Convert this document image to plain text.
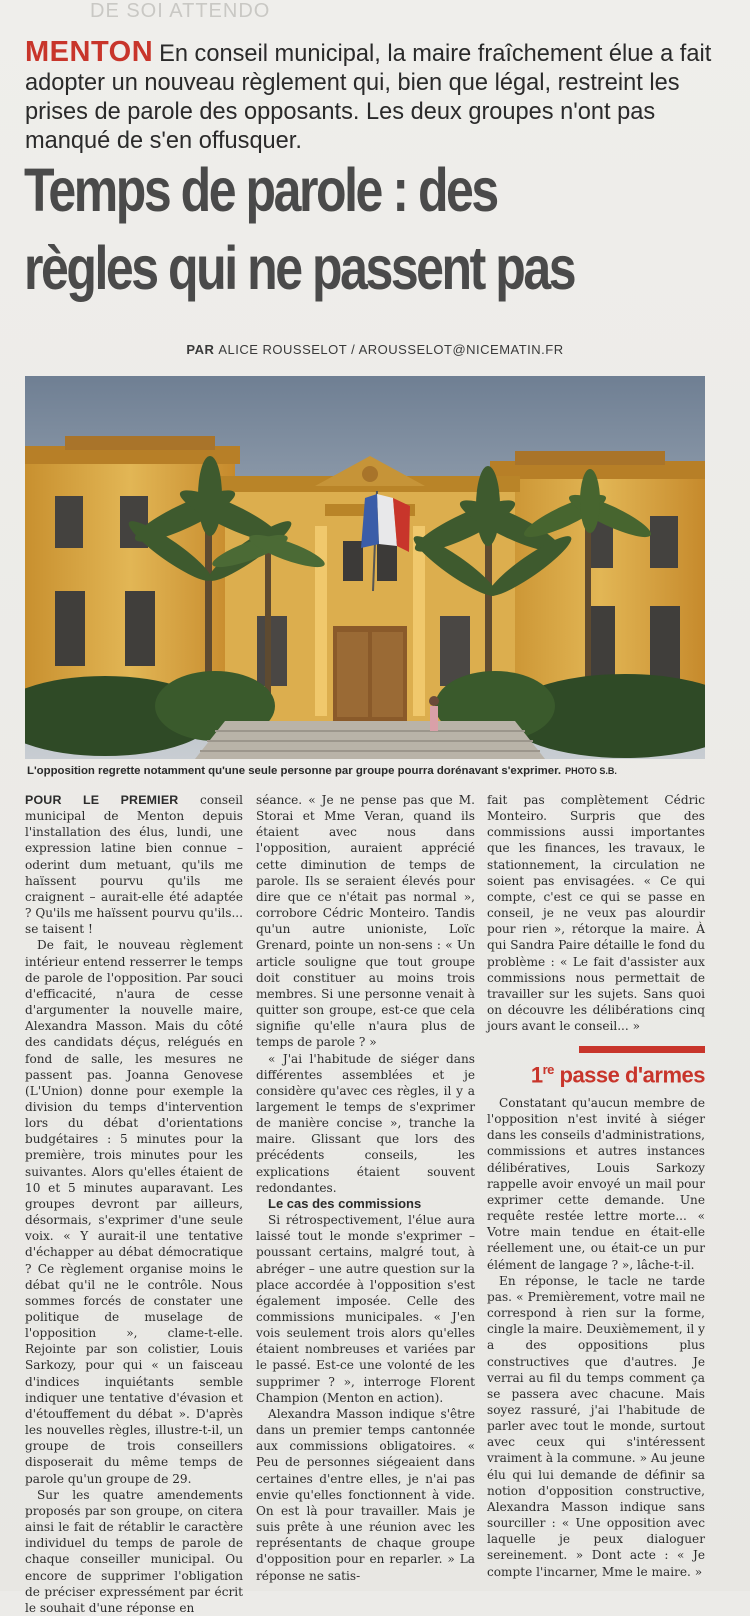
DE SOI ATTENDO
MENTON En conseil municipal, la maire fraîchement élue a fait adopter un nouveau règlement qui, bien que légal, restreint les prises de parole des opposants. Les deux groupes n'ont pas manqué de s'en offusquer.
Temps de parole : des
règles qui ne passent pas
PAR ALICE ROUSSELOT / AROUSSELOT@NICEMATIN.FR
L'opposition regrette notamment qu'une seule personne par groupe pourra dorénavant s'exprimer. PHOTO S.B.

POUR LE PREMIER conseil municipal de Menton depuis l'installation des élus, lundi, une expression latine bien connue – oderint dum metuant, qu'ils me haïssent pourvu qu'ils me craignent – aurait-elle été adaptée ? Qu'ils me haïssent pourvu qu'ils... se taisent !

De fait, le nouveau règlement intérieur entend resserrer le temps de parole de l'opposition. Par souci d'efficacité, n'aura de cesse d'argumenter la nouvelle maire, Alexandra Masson. Mais du côté des candidats déçus, relégués en fond de salle, les mesures ne passent pas. Joanna Genovese (L'Union) donne pour exemple la division du temps d'intervention lors du débat d'orientations budgétaires : 5 minutes pour la première, trois minutes pour les suivantes. Alors qu'elles étaient de 10 et 5 minutes auparavant. Les groupes devront par ailleurs, désormais, s'exprimer d'une seule voix. « Y aurait-il une tentative d'échapper au débat démocratique ? Ce règlement organise moins le débat qu'il ne le contrôle. Nous sommes forcés de constater une politique de muselage de l'opposition », clame-t-elle. Rejointe par son colistier, Louis Sarkozy, pour qui « un faisceau d'indices inquiétants semble indiquer une tentative d'évasion et d'étouffement du débat ». D'après les nouvelles règles, illustre-t-il, un groupe de trois conseillers disposerait du même temps de parole qu'un groupe de 29.

Sur les quatre amendements proposés par son groupe, on citera ainsi le fait de rétablir le caractère individuel du temps de parole de chaque conseiller municipal. Ou encore de supprimer l'obligation de préciser expressément par écrit le souhait d'une réponse en

séance. « Je ne pense pas que M. Storai et Mme Veran, quand ils étaient avec nous dans l'opposition, auraient apprécié cette diminution de temps de parole. Ils se seraient élevés pour dire que ce n'était pas normal », corrobore Cédric Monteiro. Tandis qu'un autre unioniste, Loïc Grenard, pointe un non-sens : « Un article souligne que tout groupe doit constituer au moins trois membres. Si une personne venait à quitter son groupe, est-ce que cela signifie qu'elle n'aura plus de temps de parole ? »

« J'ai l'habitude de siéger dans différentes assemblées et je considère qu'avec ces règles, il y a largement le temps de s'exprimer de manière concise », tranche la maire. Glissant que lors des précédents conseils, les explications étaient souvent redondantes.

Le cas des commissions

Si rétrospectivement, l'élue aura laissé tout le monde s'exprimer – poussant certains, malgré tout, à abréger – une autre question sur la place accordée à l'opposition s'est également imposée. Celle des commissions municipales. « J'en vois seulement trois alors qu'elles étaient nombreuses et variées par le passé. Est-ce une volonté de les supprimer ? », interroge Florent Champion (Menton en action).

Alexandra Masson indique s'être dans un premier temps cantonnée aux commissions obligatoires. « Peu de personnes siégeaient dans certaines d'entre elles, je n'ai pas envie qu'elles fonctionnent à vide. On est là pour travailler. Mais je suis prête à une réunion avec les représentants de chaque groupe d'opposition pour en reparler. » La réponse ne satis-

fait pas complètement Cédric Monteiro. Surpris que des commissions aussi importantes que les finances, les travaux, le stationnement, la circulation ne soient pas envisagées. « Ce qui compte, c'est ce qui se passe en conseil, je ne veux pas alourdir pour rien », rétorque la maire. À qui Sandra Paire détaille le fond du problème : « Le fait d'assister aux commissions nous permettait de travailler sur les sujets. Sans quoi on découvre les délibérations cinq jours avant le conseil... »

1re passe d'armes

Constatant qu'aucun membre de l'opposition n'est invité à siéger dans les conseils d'administrations, commissions et autres instances délibératives, Louis Sarkozy rappelle avoir envoyé un mail pour exprimer cette demande. Une requête restée lettre morte... « Votre main tendue en était-elle réellement une, ou était-ce un pur élément de langage ? », lâche-t-il.

En réponse, le tacle ne tarde pas. « Premièrement, votre mail ne correspond à rien sur la forme, cingle la maire. Deuxièmement, il y a des oppositions plus constructives que d'autres. Je verrai au fil du temps comment ça se passera avec chacune. Mais soyez rassuré, j'ai l'habitude de parler avec tout le monde, surtout avec ceux qui s'intéressent vraiment à la commune. » Au jeune élu qui lui demande de définir sa notion d'opposition constructive, Alexandra Masson indique sans sourciller : « Une opposition avec laquelle je peux dialoguer sereinement. » Dont acte : « Je compte l'incarner, Mme le maire. »
